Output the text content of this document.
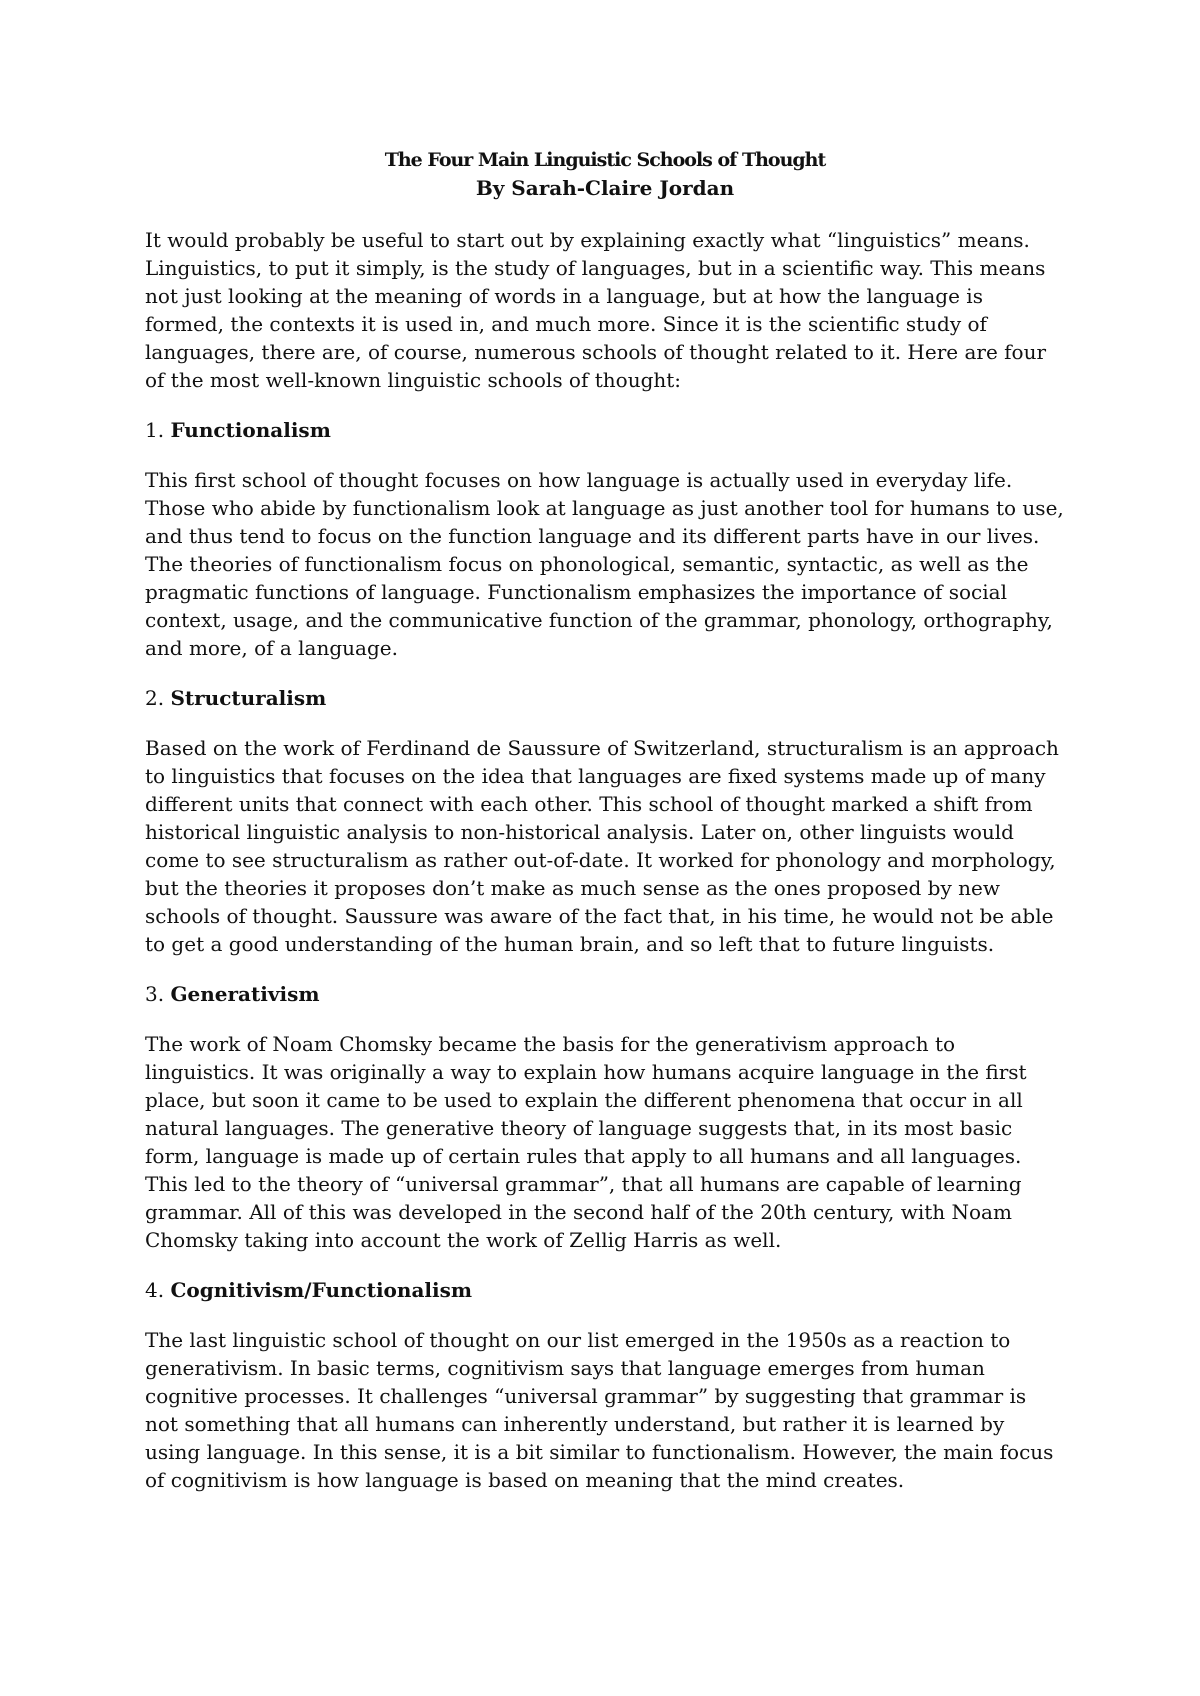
The Four Main Linguistic Schools of Thought
By Sarah-Claire Jordan

It would probably be useful to start out by explaining exactly what “linguistics” means. Linguistics, to put it simply, is the study of languages, but in a scientific way. This means not just looking at the meaning of words in a language, but at how the language is formed, the contexts it is used in, and much more. Since it is the scientific study of languages, there are, of course, numerous schools of thought related to it. Here are four of the most well-known linguistic schools of thought:

1. Functionalism

This first school of thought focuses on how language is actually used in everyday life. Those who abide by functionalism look at language as just another tool for humans to use, and thus tend to focus on the function language and its different parts have in our lives. The theories of functionalism focus on phonological, semantic, syntactic, as well as the pragmatic functions of language. Functionalism emphasizes the importance of social context, usage, and the communicative function of the grammar, phonology, orthography, and more, of a language.

2. Structuralism

Based on the work of Ferdinand de Saussure of Switzerland, structuralism is an approach to linguistics that focuses on the idea that languages are fixed systems made up of many different units that connect with each other. This school of thought marked a shift from historical linguistic analysis to non-historical analysis. Later on, other linguists would come to see structuralism as rather out-of-date. It worked for phonology and morphology, but the theories it proposes don’t make as much sense as the ones proposed by new schools of thought. Saussure was aware of the fact that, in his time, he would not be able to get a good understanding of the human brain, and so left that to future linguists.

3. Generativism

The work of Noam Chomsky became the basis for the generativism approach to linguistics. It was originally a way to explain how humans acquire language in the first place, but soon it came to be used to explain the different phenomena that occur in all natural languages. The generative theory of language suggests that, in its most basic form, language is made up of certain rules that apply to all humans and all languages. This led to the theory of “universal grammar”, that all humans are capable of learning grammar. All of this was developed in the second half of the 20th century, with Noam Chomsky taking into account the work of Zellig Harris as well.

4. Cognitivism/Functionalism

The last linguistic school of thought on our list emerged in the 1950s as a reaction to generativism. In basic terms, cognitivism says that language emerges from human cognitive processes. It challenges “universal grammar” by suggesting that grammar is not something that all humans can inherently understand, but rather it is learned by using language. In this sense, it is a bit similar to functionalism. However, the main focus of cognitivism is how language is based on meaning that the mind creates.
